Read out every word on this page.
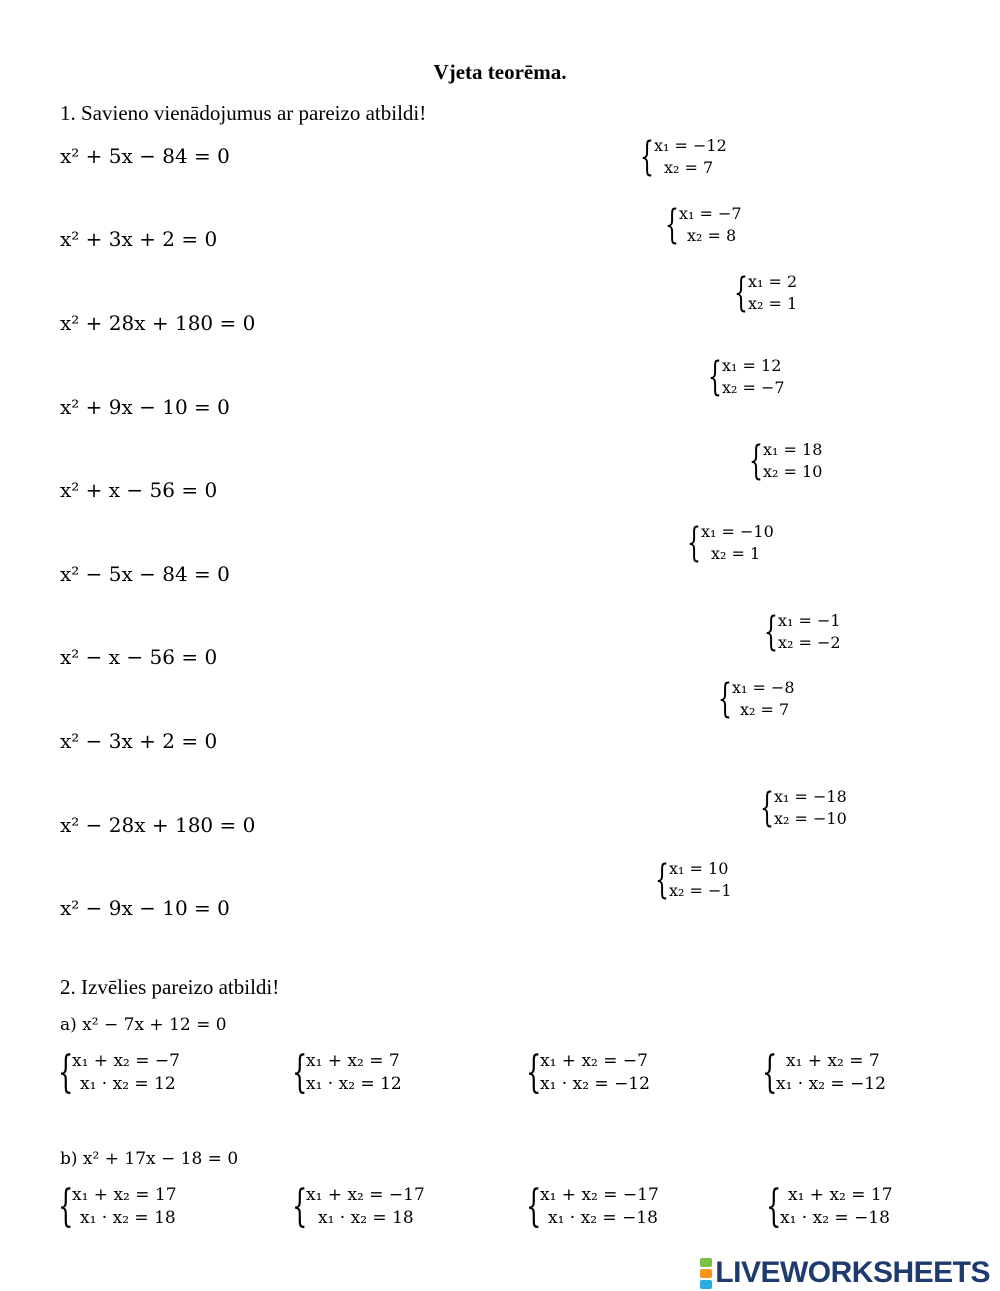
Vjeta teorēma.
1. Savieno vienādojumus ar pareizo atbildi!
x² + 5x − 84 = 0
x² + 3x + 2 = 0
x² + 28x + 180 = 0
x² + 9x − 10 = 0
x² + x − 56 = 0
x² − 5x − 84 = 0
x² − x − 56 = 0
x² − 3x + 2 = 0
x² − 28x + 180 = 0
x² − 9x − 10 = 0
{ x₁ = −12
x₂ = 7
{ x₁ = −7
x₂ = 8
{ x₁ = 2
x₂ = 1
{ x₁ = 12
x₂ = −7
{ x₁ = 18
x₂ = 10
{ x₁ = −10
x₂ = 1
{ x₁ = −1
x₂ = −2
{ x₁ = −8
x₂ = 7
{ x₁ = −18
x₂ = −10
{ x₁ = 10
x₂ = −1
2. Izvēlies pareizo atbildi!
a) x² − 7x + 12 = 0
{
x₁ + x₂ = −7
x₁ · x₂ = 12	{
x₁ + x₂ = 7
x₁ · x₂ = 12	{
x₁ + x₂ = −7
x₁ · x₂ = −12	{ x₁ + x₂ = 7
x₁ · x₂ = −12
b) x² + 17x − 18 = 0
{
x₁ + x₂ = 17
x₁ · x₂ = 18	{
x₁ + x₂ = −17
x₁ · x₂ = 18	{
x₁ + x₂ = −17
x₁ · x₂ = −18 { x₁ + x₂ = 17
x₁ · x₂ = −18
LIVEWORKSHEETS
